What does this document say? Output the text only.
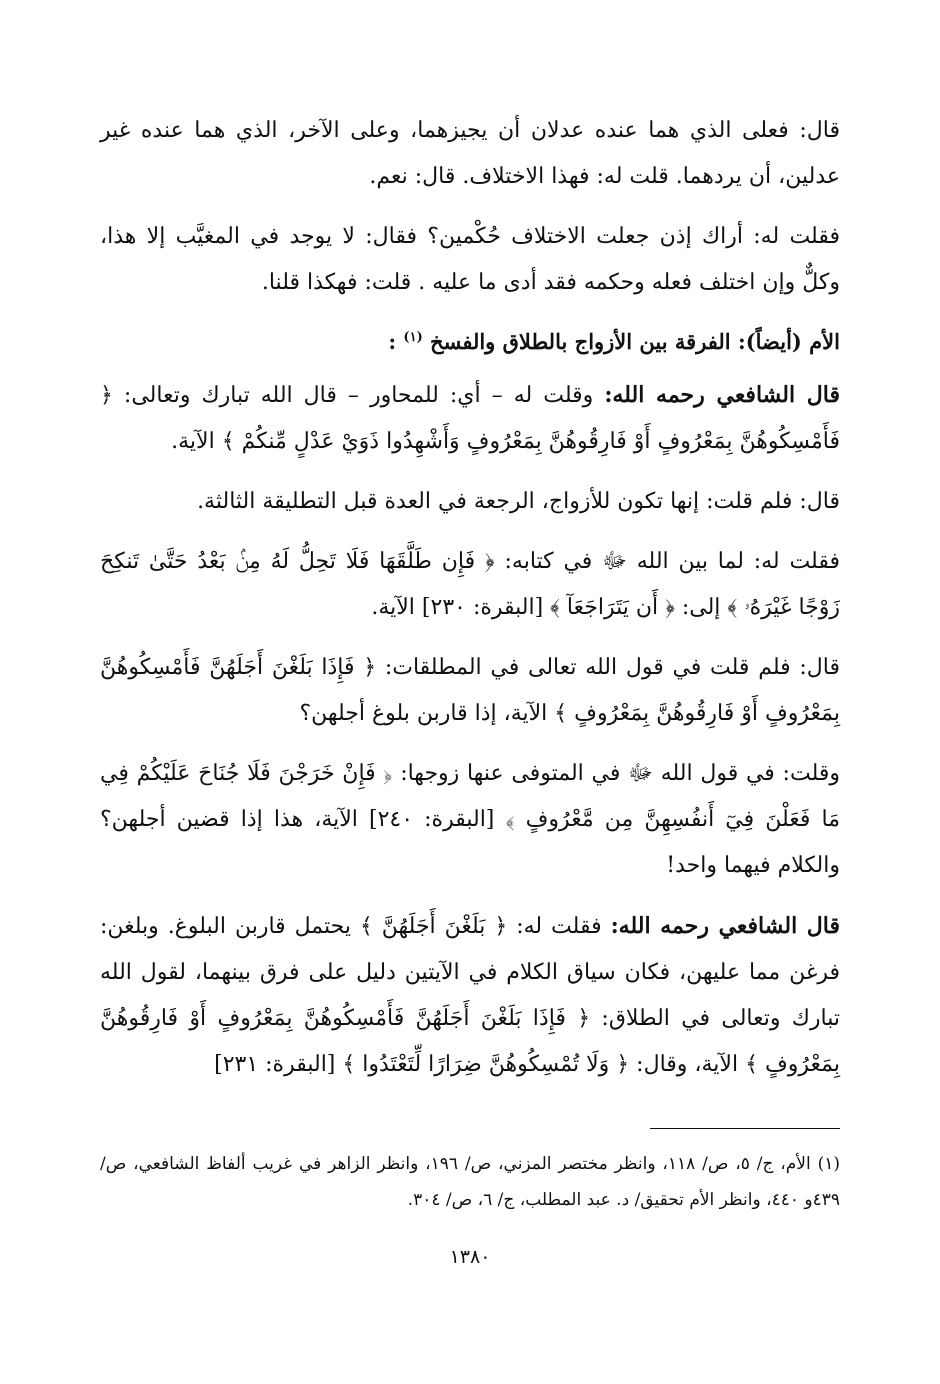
قال: فعلى الذي هما عنده عدلان أن يجيزهما، وعلى الآخر، الذي هما عنده غير عدلين، أن يردهما. قلت له: فهذا الاختلاف. قال: نعم.

فقلت له: أراك إذن جعلت الاختلاف حُكْمين؟ فقال: لا يوجد في المغيَّب إلا هذا، وكلٌّ وإن اختلف فعله وحكمه فقد أدى ما عليه . قلت: فهكذا قلنا.

الأم (أيضاً): الفرقة بين الأزواج بالطلاق والفسخ $^{(١)}$ :

قال الشافعي رحمه الله: وقلت له – أي: للمحاور – قال الله تبارك وتعالى: ﴿ فَأَمْسِكُوهُنَّ بِمَعْرُوفٍ أَوْ فَارِقُوهُنَّ بِمَعْرُوفٍ وَأَشْهِدُوا ذَوَيْ عَدْلٍ مِّنكُمْ ﴾ الآية.

قال: فلم قلت: إنها تكون للأزواج، الرجعة في العدة قبل التطليقة الثالثة.

فقلت له: لما بين الله ﷻ في كتابه: ﴿ فَإِن طَلَّقَهَا فَلَا تَحِلُّ لَهُ مِنۢ بَعْدُ حَتَّىٰ تَنكِحَ زَوْجًا غَيْرَهُۥ ﴾ إلى: ﴿ أَن يَتَرَاجَعَآ ﴾ [البقرة: ٢٣٠] الآية.

قال: فلم قلت في قول الله تعالى في المطلقات: ﴿ فَإِذَا بَلَغْنَ أَجَلَهُنَّ فَأَمْسِكُوهُنَّ بِمَعْرُوفٍ أَوْ فَارِقُوهُنَّ بِمَعْرُوفٍ ﴾ الآية، إذا قاربن بلوغ أجلهن؟

وقلت: في قول الله ﷻ في المتوفى عنها زوجها: ﴿ فَإِنْ خَرَجْنَ فَلَا جُنَاحَ عَلَيْكُمْ فِي مَا فَعَلْنَ فِيٓ أَنفُسِهِنَّ مِن مَّعْرُوفٍ ﴾ [البقرة: ٢٤٠] الآية، هذا إذا قضين أجلهن؟ والكلام فيهما واحد!

قال الشافعي رحمه الله: فقلت له: ﴿ بَلَغْنَ أَجَلَهُنَّ ﴾ يحتمل قاربن البلوغ. وبلغن: فرغن مما عليهن، فكان سياق الكلام في الآيتين دليل على فرق بينهما، لقول الله تبارك وتعالى في الطلاق: ﴿ فَإِذَا بَلَغْنَ أَجَلَهُنَّ فَأَمْسِكُوهُنَّ بِمَعْرُوفٍ أَوْ فَارِقُوهُنَّ بِمَعْرُوفٍ ﴾ الآية، وقال: ﴿ وَلَا تُمْسِكُوهُنَّ ضِرَارًا لِّتَعْتَدُوا ﴾ [البقرة: ٢٣١]

(١) الأم، ج/ ٥، ص/ ١١٨، وانظر مختصر المزني، ص/ ١٩٦، وانظر الزاهر في غريب ألفاظ الشافعي، ص/ ٤٣٩و ٤٤٠، وانظر الأم تحقيق/ د. عبد المطلب، ج/ ٦، ص/ ٣٠٤.
١٣٨٠
